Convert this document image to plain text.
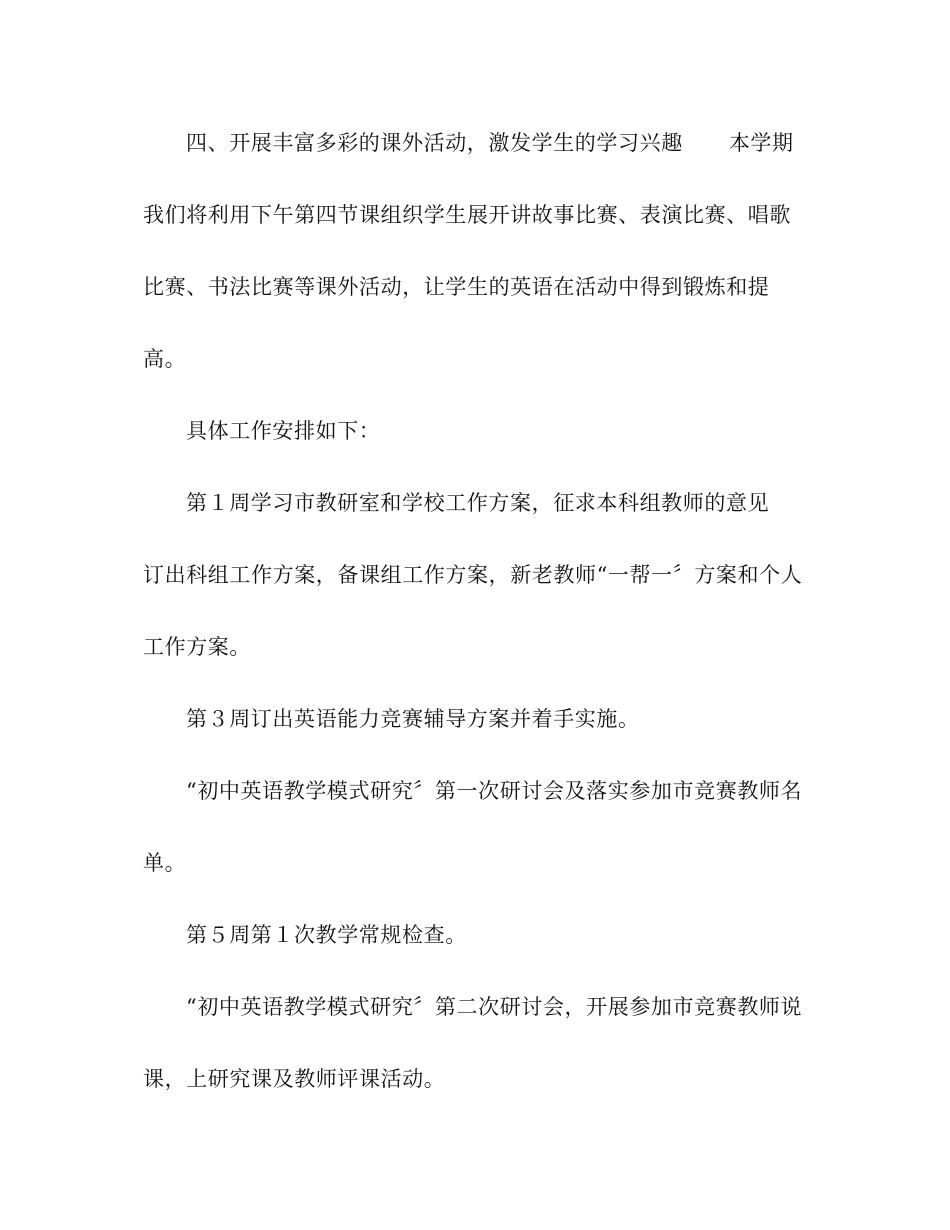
四、开展丰富多彩的课外活动，激发学生的学习兴趣 本学期
我们将利用下午第四节课组织学生展开讲故事比赛、表演比赛、唱歌
比赛、书法比赛等课外活动，让学生的英语在活动中得到锻炼和提
高。
具体工作安排如下：
第１周学习市教研室和学校工作方案，征求本科组教师的意见
订出科组工作方案，备课组工作方案，新老教师“一帮一〞方案和个人
工作方案。
第３周订出英语能力竞赛辅导方案并着手实施。
“初中英语教学模式研究〞第一次研讨会及落实参加市竞赛教师名
单。
第５周第１次教学常规检查。
“初中英语教学模式研究〞第二次研讨会，开展参加市竞赛教师说
课，上研究课及教师评课活动。
